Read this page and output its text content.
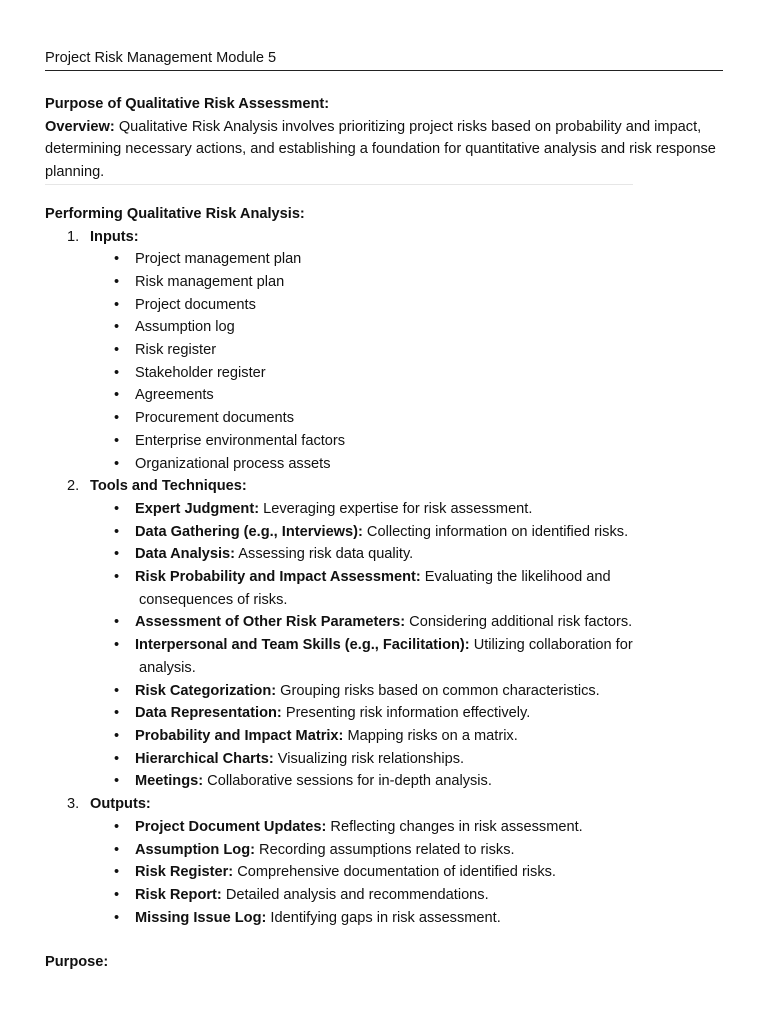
Project Risk Management Module 5
Purpose of Qualitative Risk Assessment:

Overview: Qualitative Risk Analysis involves prioritizing project risks based on probability and impact, determining necessary actions, and establishing a foundation for quantitative analysis and risk response planning.

Performing Qualitative Risk Analysis:
1. Inputs:
• Project management plan
• Risk management plan
• Project documents
• Assumption log
• Risk register
• Stakeholder register
• Agreements
• Procurement documents
• Enterprise environmental factors
• Organizational process assets
2. Tools and Techniques:
• Expert Judgment: Leveraging expertise for risk assessment.
• Data Gathering (e.g., Interviews): Collecting information on identified risks.
• Data Analysis: Assessing risk data quality.
• Risk Probability and Impact Assessment: Evaluating the likelihood and
consequences of risks.
• Assessment of Other Risk Parameters: Considering additional risk factors.
• Interpersonal and Team Skills (e.g., Facilitation): Utilizing collaboration for
analysis.
• Risk Categorization: Grouping risks based on common characteristics.
• Data Representation: Presenting risk information effectively.
• Probability and Impact Matrix: Mapping risks on a matrix.
• Hierarchical Charts: Visualizing risk relationships.
• Meetings: Collaborative sessions for in-depth analysis.
3. Outputs:
• Project Document Updates: Reflecting changes in risk assessment.
• Assumption Log: Recording assumptions related to risks.
• Risk Register: Comprehensive documentation of identified risks.
• Risk Report: Detailed analysis and recommendations.
• Missing Issue Log: Identifying gaps in risk assessment.
Purpose:
